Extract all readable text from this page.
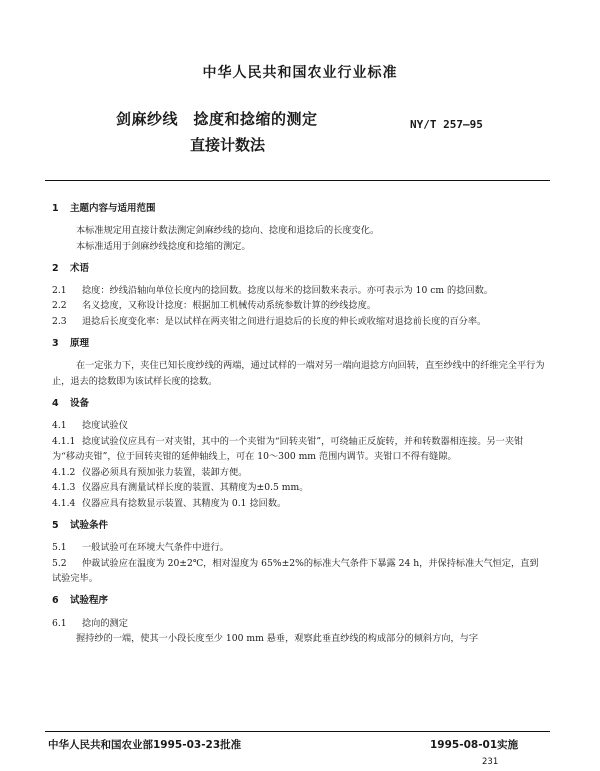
中华人民共和国农业行业标准
剑麻纱线　捻度和捻缩的测定
直接计数法
NY/T 257—95

1 主题内容与适用范围

本标准规定用直接计数法测定剑麻纱线的捻向、捻度和退捻后的长度变化。

本标准适用于剑麻纱线捻度和捻缩的测定。

2 术语

2.1 捻度：纱线沿轴向单位长度内的捻回数。捻度以每米的捻回数来表示。亦可表示为 10 cm 的捻回数。

2.2 名义捻度，又称设计捻度：根据加工机械传动系统参数计算的纱线捻度。

2.3 退捻后长度变化率：是以试样在两夹钳之间进行退捻后的长度的伸长或收缩对退捻前长度的百分率。

3 原理

在一定张力下，夹住已知长度纱线的两端，通过试样的一端对另一端向退捻方向回转，直至纱线中的纤维完全平行为止，退去的捻数即为该试样长度的捻数。

4 设备

4.1 捻度试验仪

4.1.1 捻度试验仪应具有一对夹钳，其中的一个夹钳为“回转夹钳”，可绕轴正反旋转，并和转数器相连接。另一夹钳为“移动夹钳”，位于回转夹钳的延伸轴线上，可在 10～300 mm 范围内调节。夹钳口不得有缝隙。

4.1.2 仪器必须具有预加张力装置，装卸方便。

4.1.3 仪器应具有测量试样长度的装置、其精度为±0.5 mm。

4.1.4 仪器应具有捻数显示装置、其精度为 0.1 捻回数。

5 试验条件

5.1 一般试验可在环境大气条件中进行。

5.2 仲裁试验应在温度为 20±2℃，相对湿度为 65%±2%的标准大气条件下暴露 24 h，并保持标准大气恒定，直到试验完毕。

6 试验程序

6.1 捻向的测定

握持纱的一端，使其一小段长度至少 100 mm 悬垂，观察此垂直纱线的构成部分的倾斜方向，与字

中华人民共和国农业部1995-03-23批准	1995-08-01实施
231
